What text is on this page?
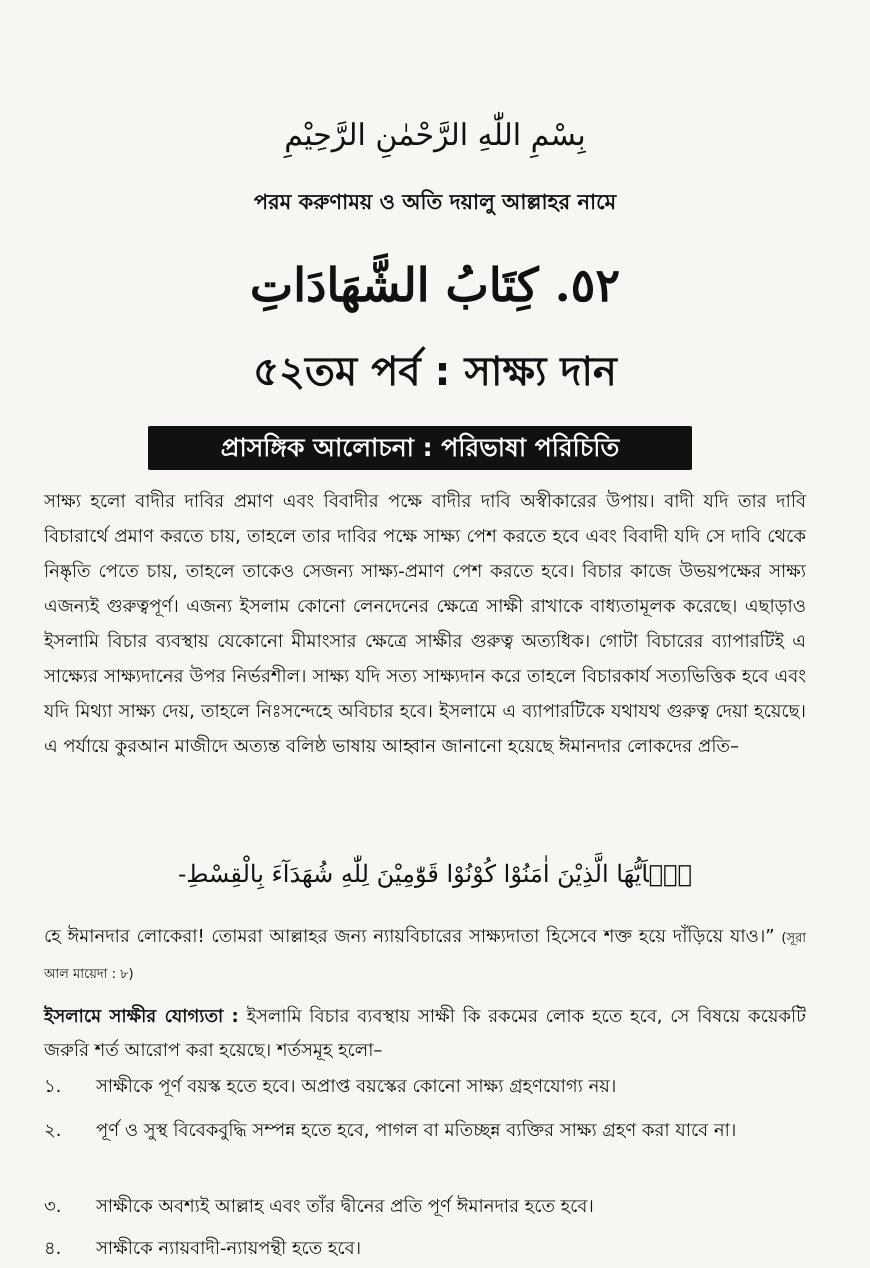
بِسْمِ اللّٰهِ الرَّحْمٰنِ الرَّحِيْمِ
পরম করুণাময় ও অতি দয়ালু আল্লাহর নামে
٥٢. كِتَابُ الشَّهَادَاتِ
৫২তম পর্ব : সাক্ষ্য দান
প্রাসঙ্গিক আলোচনা : পরিভাষা পরিচিতি
সাক্ষ্য হলো বাদীর দাবির প্রমাণ এবং বিবাদীর পক্ষে বাদীর দাবি অস্বীকারের উপায়। বাদী যদি তার দাবি বিচারার্থে প্রমাণ করতে চায়, তাহলে তার দাবির পক্ষে সাক্ষ্য পেশ করতে হবে এবং বিবাদী যদি সে দাবি থেকে নিষ্কৃতি পেতে চায়, তাহলে তাকেও সেজন্য সাক্ষ্য-প্রমাণ পেশ করতে হবে। বিচার কাজে উভয়পক্ষের সাক্ষ্য এজন্যই গুরুত্বপূর্ণ। এজন্য ইসলাম কোনো লেনদেনের ক্ষেত্রে সাক্ষী রাখাকে বাধ্যতামূলক করেছে। এছাড়াও ইসলামি বিচার ব্যবস্থায় যেকোনো মীমাংসার ক্ষেত্রে সাক্ষীর গুরুত্ব অত্যধিক। গোটা বিচারের ব্যাপারটিই এ সাক্ষ্যের সাক্ষ্যদানের উপর নির্ভরশীল। সাক্ষ্য যদি সত্য সাক্ষ্যদান করে তাহলে বিচারকার্য সত্যভিত্তিক হবে এবং যদি মিথ্যা সাক্ষ্য দেয়, তাহলে নিঃসন্দেহে অবিচার হবে। ইসলামে এ ব্যাপারটিকে যথাযথ গুরুত্ব দেয়া হয়েছে। এ পর্যায়ে কুরআন মাজীদে অত্যন্ত বলিষ্ঠ ভাষায় আহ্বান জানানো হয়েছে ঈমানদার লোকদের প্রতি–
يٰۤاَيُّهَا الَّذِيْنَ اٰمَنُوْا كُوْنُوْا قَوّٰمِيْنَ لِلّٰهِ شُهَدَآءَ بِالْقِسْطِ-
হে ঈমানদার লোকেরা! তোমরা আল্লাহর জন্য ন্যায়বিচারের সাক্ষ্যদাতা হিসেবে শক্ত হয়ে দাঁড়িয়ে যাও।” (সূরা আল মায়েদা : ৮)
ইসলামে সাক্ষীর যোগ্যতা : ইসলামি বিচার ব্যবস্থায় সাক্ষী কি রকমের লোক হতে হবে, সে বিষয়ে কয়েকটি জরুরি শর্ত আরোপ করা হয়েছে। শর্তসমূহ হলো–
১.	সাক্ষীকে পূর্ণ বয়স্ক হতে হবে। অপ্রাপ্ত বয়স্কের কোনো সাক্ষ্য গ্রহণযোগ্য নয়।
২.	পূর্ণ ও সুস্থ বিবেকবুদ্ধি সম্পন্ন হতে হবে, পাগল বা মতিচ্ছন্ন ব্যক্তির সাক্ষ্য গ্রহণ করা যাবে না।
৩.	সাক্ষীকে অবশ্যই আল্লাহ এবং তাঁর দ্বীনের প্রতি পূর্ণ ঈমানদার হতে হবে।
৪.	সাক্ষীকে ন্যায়বাদী-ন্যায়পন্থী হতে হবে।
